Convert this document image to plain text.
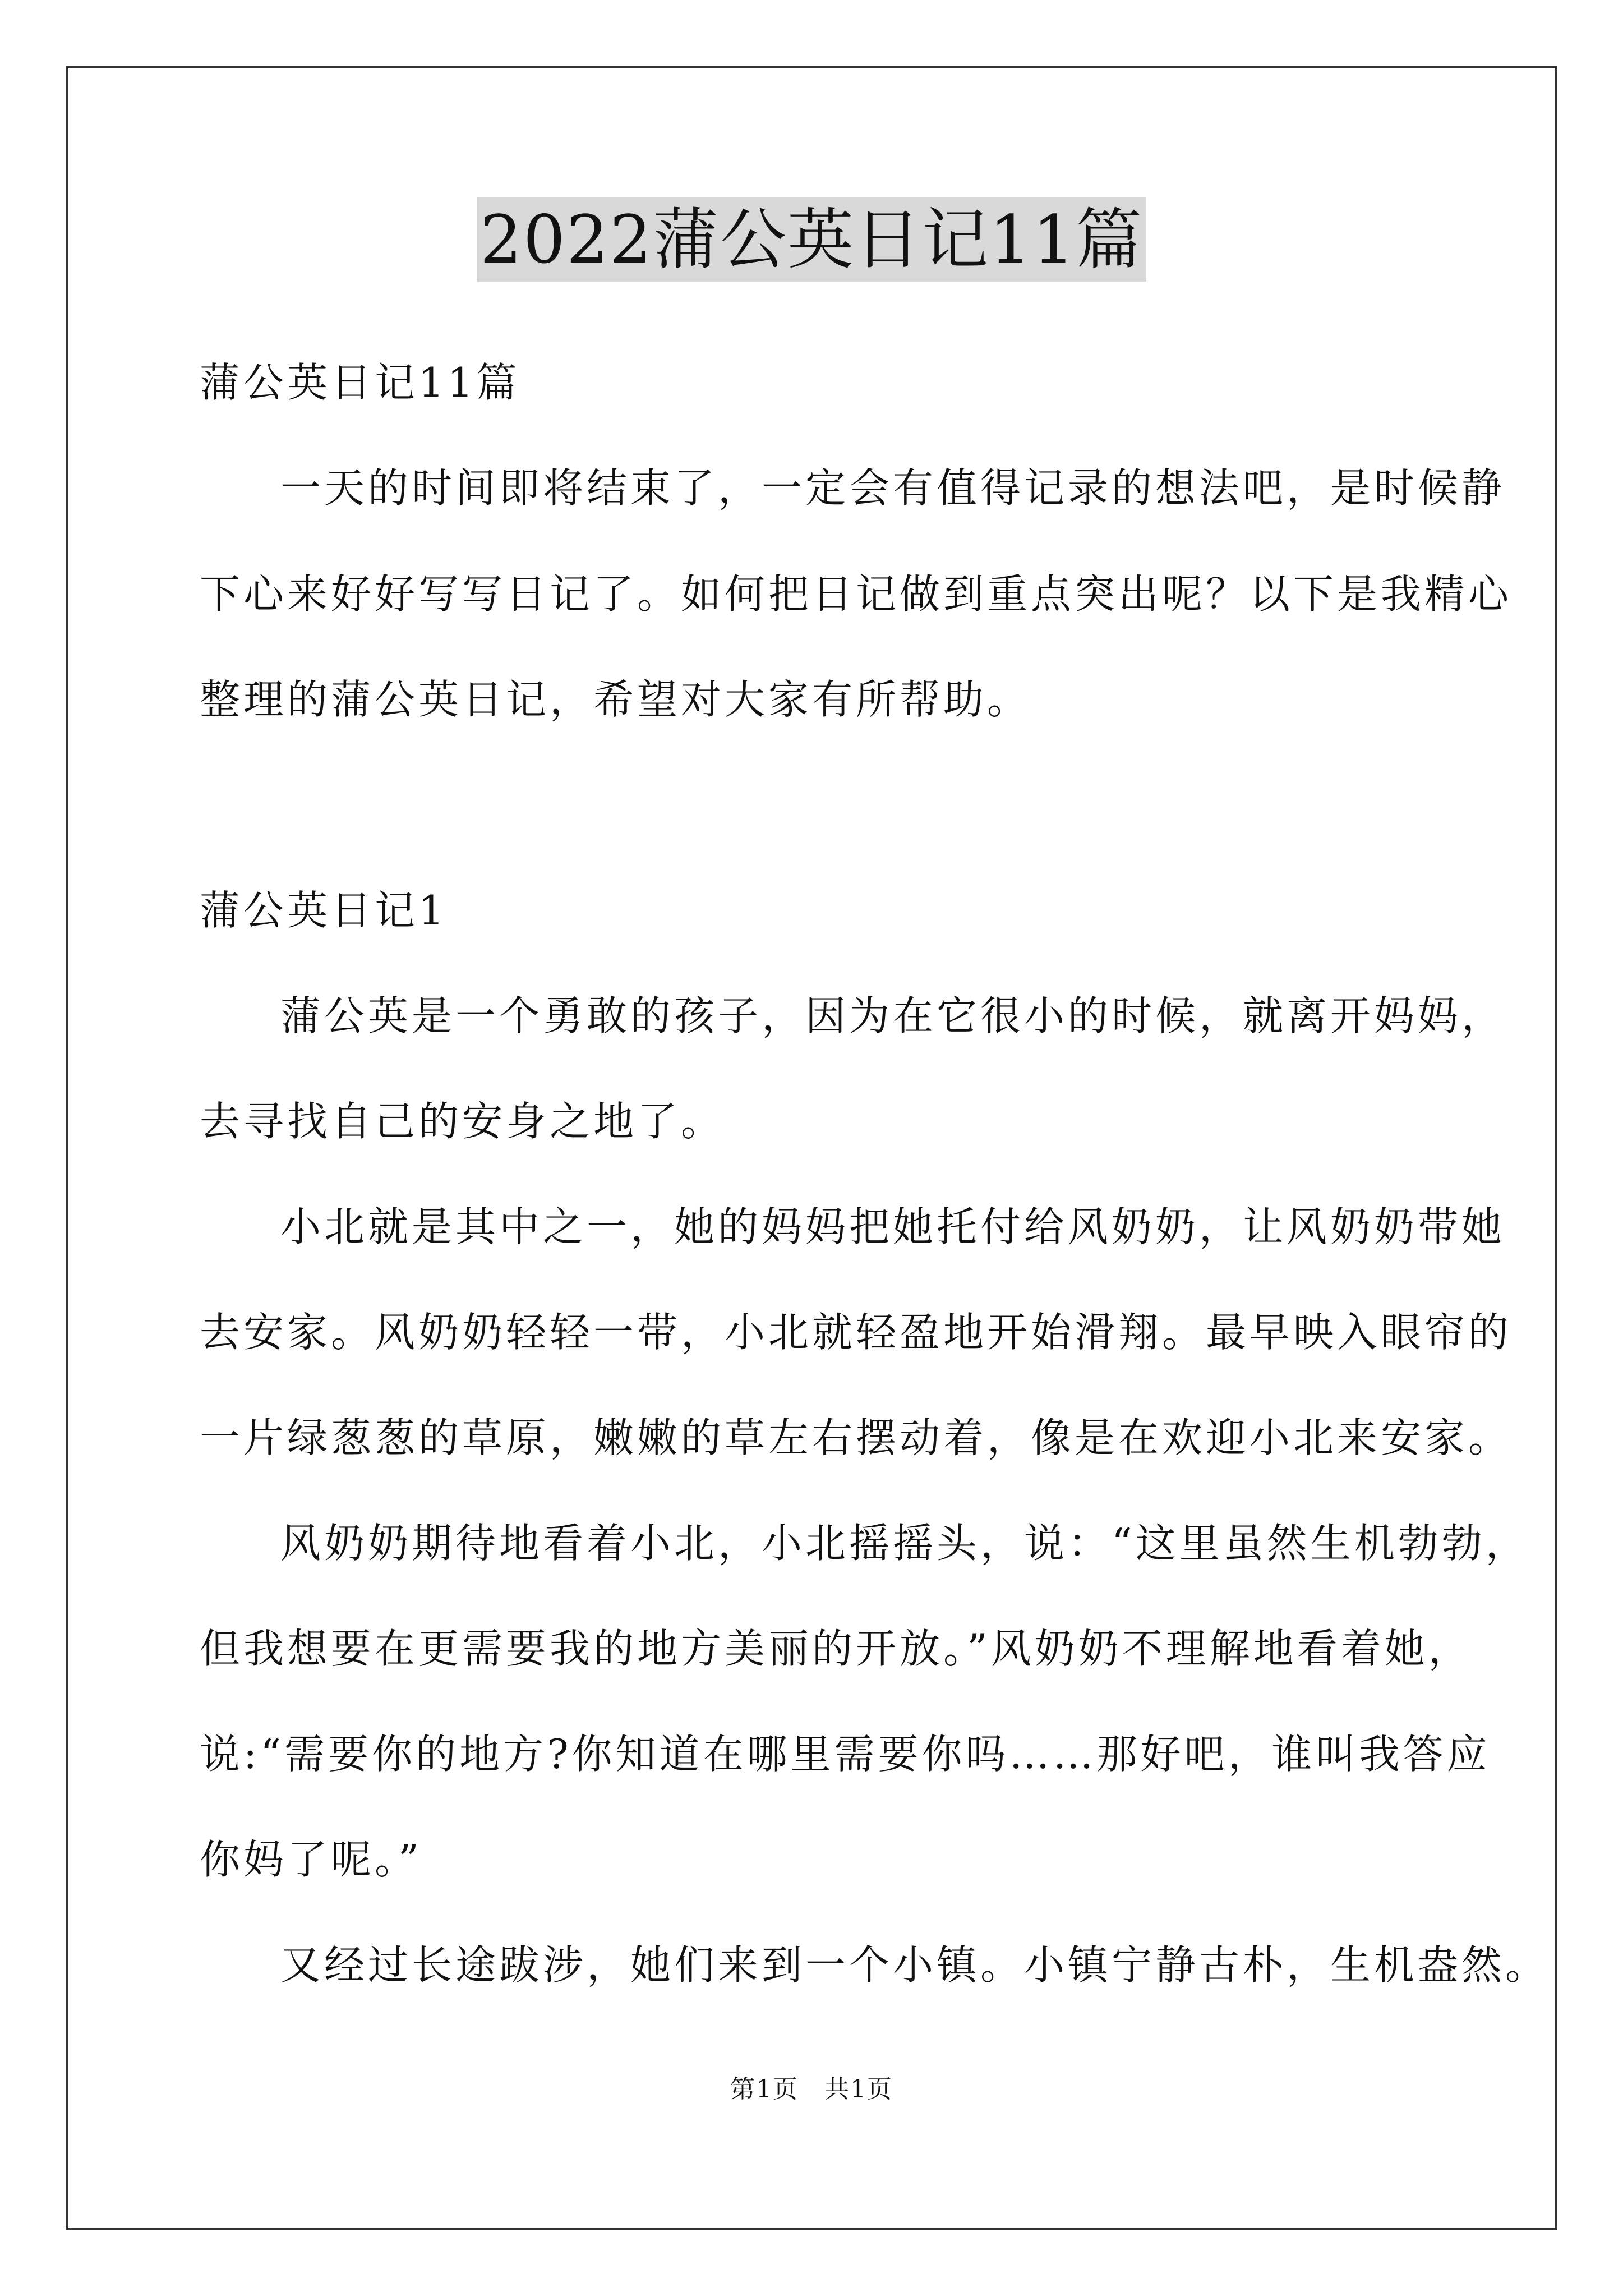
2022蒲公英日记11篇

蒲公英日记11篇

一天的时间即将结束了，一定会有值得记录的想法吧，是时候静

下心来好好写写日记了。如何把日记做到重点突出呢？以下是我精心

整理的蒲公英日记，希望对大家有所帮助。

蒲公英日记1

蒲公英是一个勇敢的孩子，因为在它很小的时候，就离开妈妈，

去寻找自己的安身之地了。

小北就是其中之一，她的妈妈把她托付给风奶奶，让风奶奶带她

去安家。风奶奶轻轻一带，小北就轻盈地开始滑翔。最早映入眼帘的

一片绿葱葱的草原，嫩嫩的草左右摆动着，像是在欢迎小北来安家。

风奶奶期待地看着小北，小北摇摇头，说：“这里虽然生机勃勃，

但我想要在更需要我的地方美丽的开放。”风奶奶不理解地看着她，

说:“需要你的地方?你知道在哪里需要你吗……那好吧，谁叫我答应

你妈了呢。”

又经过长途跋涉，她们来到一个小镇。小镇宁静古朴，生机盎然。

第1页　共1页
